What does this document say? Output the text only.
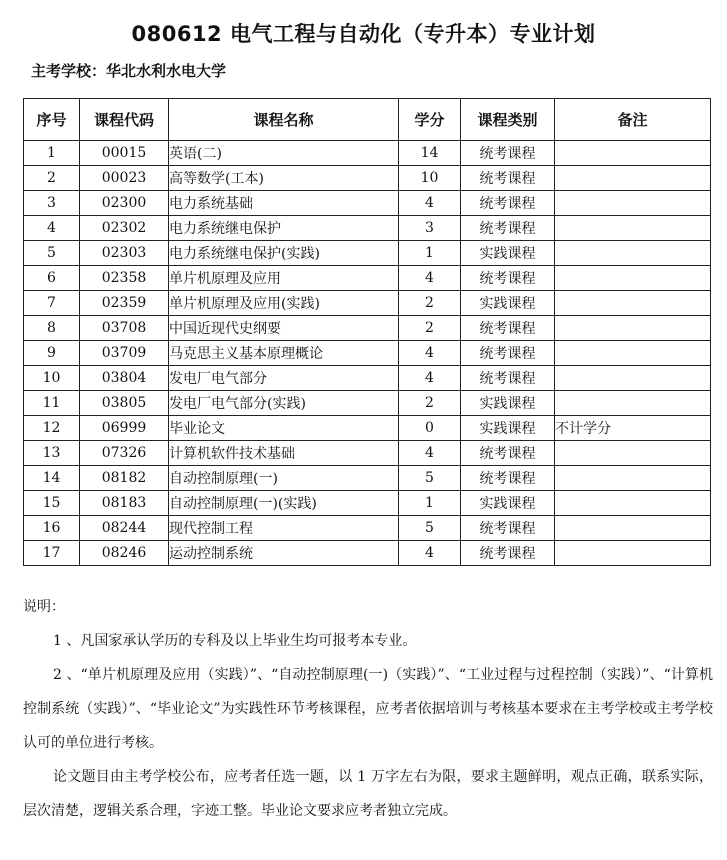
080612 电气工程与自动化（专升本）专业计划
主考学校：华北水利水电大学
序号	课程代码	课程名称	学分	课程类别	备注
1	00015	英语(二)	14	统考课程	
2	00023	高等数学(工本)	10	统考课程	
3	02300	电力系统基础	4	统考课程	
4	02302	电力系统继电保护	3	统考课程	
5	02303	电力系统继电保护(实践)	1	实践课程	
6	02358	单片机原理及应用	4	统考课程	
7	02359	单片机原理及应用(实践)	2	实践课程	
8	03708	中国近现代史纲要	2	统考课程	
9	03709	马克思主义基本原理概论	4	统考课程	
10	03804	发电厂电气部分	4	统考课程	
11	03805	发电厂电气部分(实践)	2	实践课程	
12	06999	毕业论文	0	实践课程	不计学分
13	07326	计算机软件技术基础	4	统考课程	
14	08182	自动控制原理(一)	5	统考课程	
15	08183	自动控制原理(一)(实践)	1	实践课程	
16	08244	现代控制工程	5	统考课程	
17	08246	运动控制系统	4	统考课程	

说明：

1 、凡国家承认学历的专科及以上毕业生均可报考本专业。

2 、“单片机原理及应用（实践）”、“自动控制原理(一)（实践）”、“工业过程与过程控制（实践）”、“计算机控制系统（实践）”、“毕业论文”为实践性环节考核课程，应考者依据培训与考核基本要求在主考学校或主考学校认可的单位进行考核。

论文题目由主考学校公布，应考者任选一题，以 1 万字左右为限，要求主题鲜明，观点正确，联系实际，层次清楚，逻辑关系合理，字迹工整。毕业论文要求应考者独立完成。
